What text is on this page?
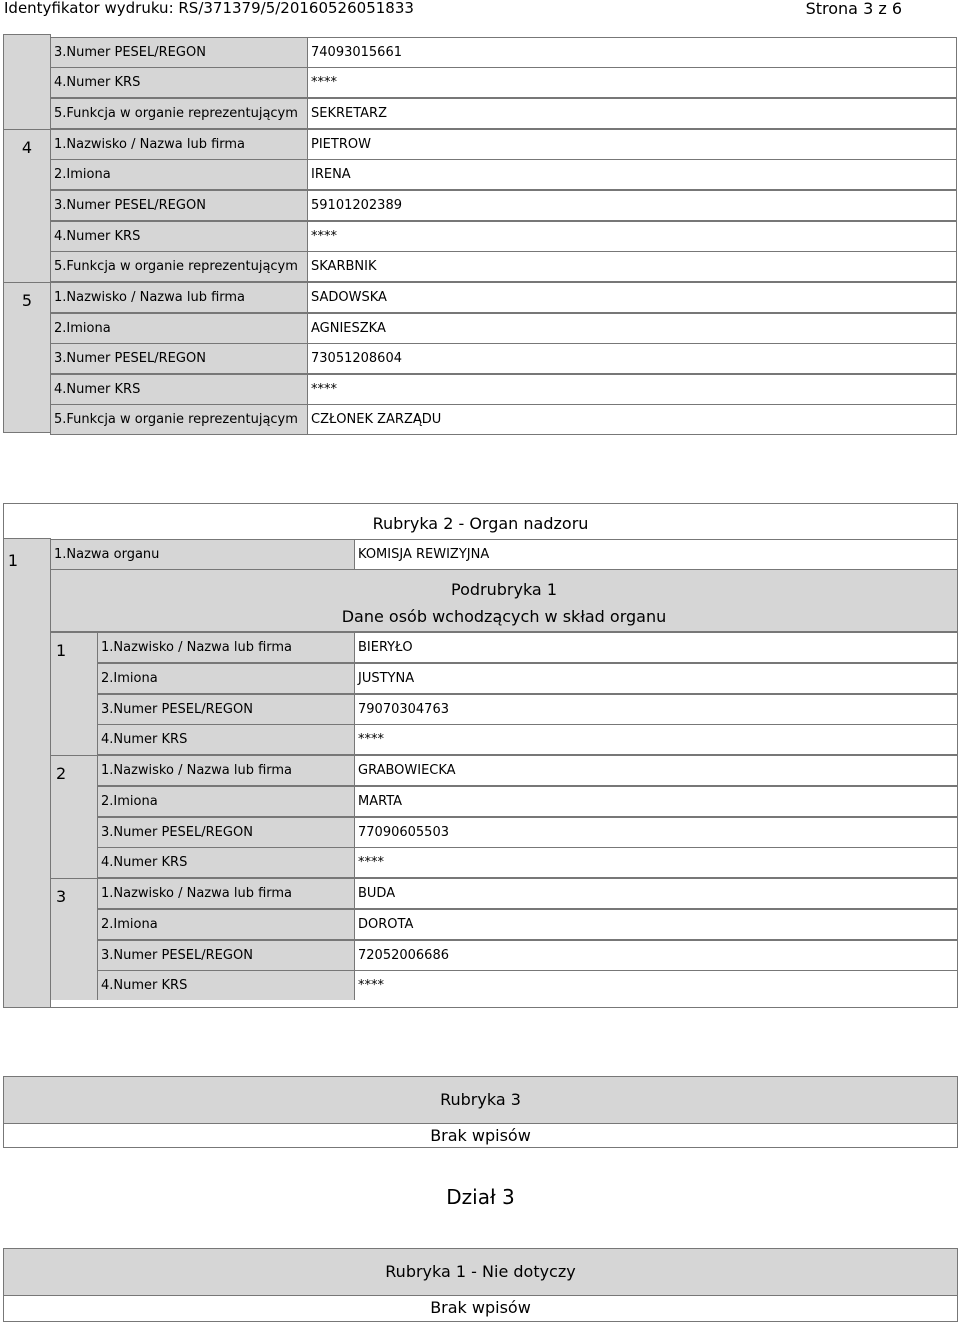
Identyfikator wydruku: RS/371379/5/20160526051833	Strona 3 z 6
3.Numer PESEL/REGON	74093015661
4.Numer KRS	****
5.Funkcja w organie reprezentującym	SEKRETARZ
4	1.Nazwisko / Nazwa lub firma	PIETROW
2.Imiona	IRENA
3.Numer PESEL/REGON	59101202389
4.Numer KRS	****
5.Funkcja w organie reprezentującym	SKARBNIK
5	1.Nazwisko / Nazwa lub firma	SADOWSKA
2.Imiona	AGNIESZKA
3.Numer PESEL/REGON	73051208604
4.Numer KRS	****
5.Funkcja w organie reprezentującym	CZŁONEK ZARZĄDU
Rubryka 2 - Organ nadzoru
1	1.Nazwa organu	KOMISJA REWIZYJNA
Podrubryka 1
Dane osób wchodzących w skład organu
1	1.Nazwisko / Nazwa lub firma	BIERYŁO
2.Imiona	JUSTYNA
3.Numer PESEL/REGON	79070304763
4.Numer KRS	****
2	1.Nazwisko / Nazwa lub firma	GRABOWIECKA
2.Imiona	MARTA
3.Numer PESEL/REGON	77090605503
4.Numer KRS	****
3	1.Nazwisko / Nazwa lub firma	BUDA
2.Imiona	DOROTA
3.Numer PESEL/REGON	72052006686
4.Numer KRS	****
Rubryka 3
Brak wpisów
Dział 3
Rubryka 1 - Nie dotyczy
Brak wpisów
